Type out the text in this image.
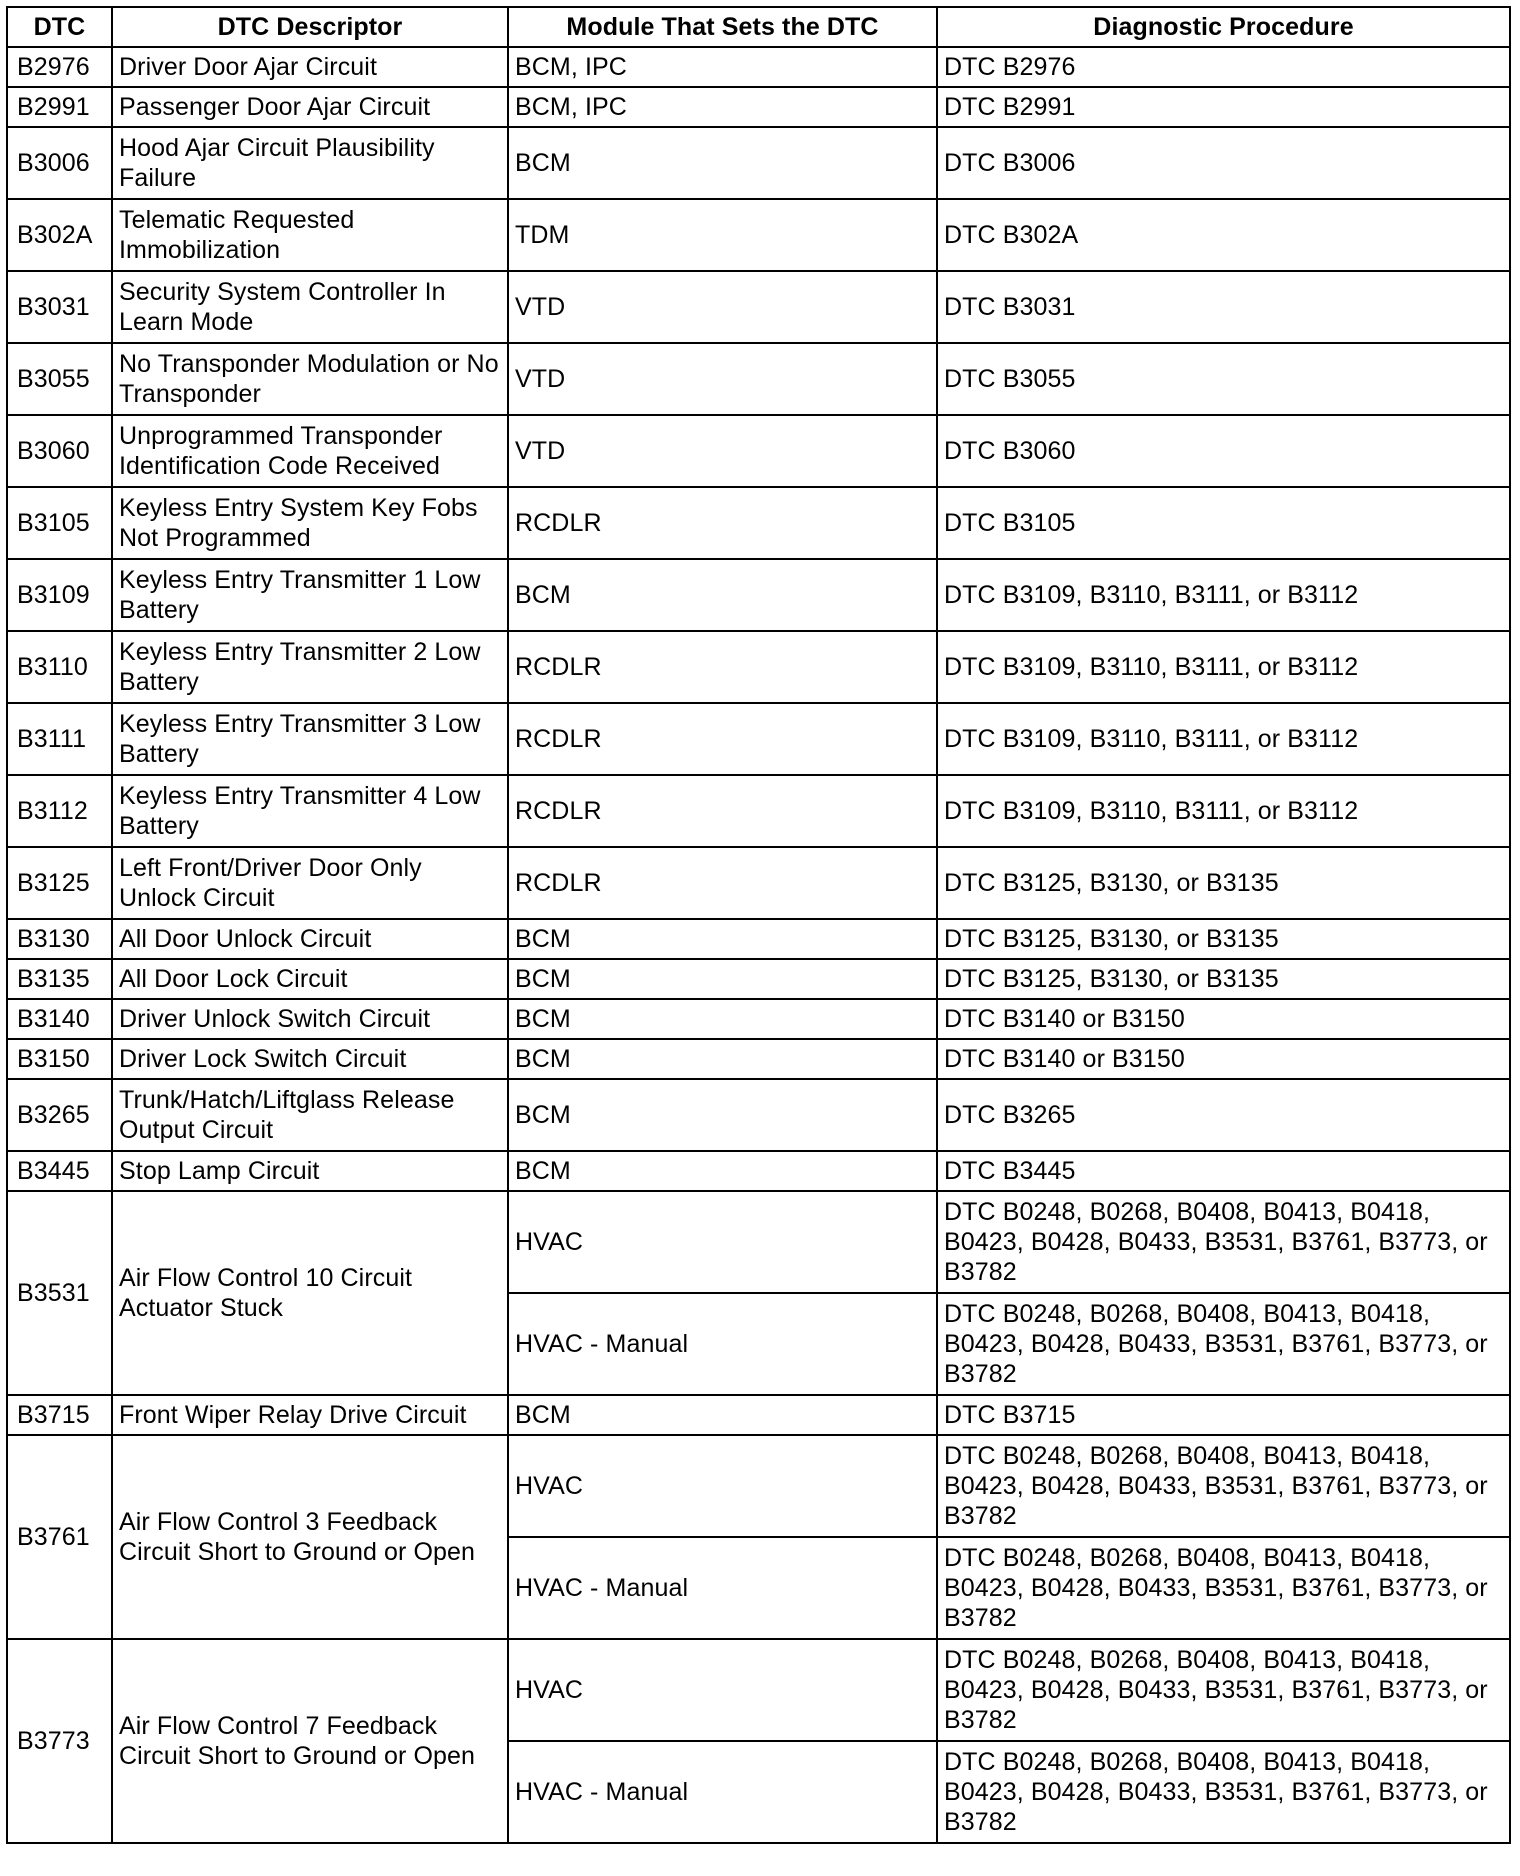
DTC	DTC Descriptor	Module That Sets the DTC	Diagnostic Procedure
B2976	Driver Door Ajar Circuit	BCM, IPC	DTC B2976
B2991	Passenger Door Ajar Circuit	BCM, IPC	DTC B2991
B3006	Hood Ajar Circuit Plausibility Failure	BCM	DTC B3006
B302A	Telematic Requested Immobilization	TDM	DTC B302A
B3031	Security System Controller In Learn Mode	VTD	DTC B3031
B3055	No Transponder Modulation or No Transponder	VTD	DTC B3055
B3060	Unprogrammed Transponder Identification Code Received	VTD	DTC B3060
B3105	Keyless Entry System Key Fobs Not Programmed	RCDLR	DTC B3105
B3109	Keyless Entry Transmitter 1 Low Battery	BCM	DTC B3109, B3110, B3111, or B3112
B3110	Keyless Entry Transmitter 2 Low Battery	RCDLR	DTC B3109, B3110, B3111, or B3112
B3111	Keyless Entry Transmitter 3 Low Battery	RCDLR	DTC B3109, B3110, B3111, or B3112
B3112	Keyless Entry Transmitter 4 Low Battery	RCDLR	DTC B3109, B3110, B3111, or B3112
B3125	Left Front/Driver Door Only Unlock Circuit	RCDLR	DTC B3125, B3130, or B3135
B3130	All Door Unlock Circuit	BCM	DTC B3125, B3130, or B3135
B3135	All Door Lock Circuit	BCM	DTC B3125, B3130, or B3135
B3140	Driver Unlock Switch Circuit	BCM	DTC B3140 or B3150
B3150	Driver Lock Switch Circuit	BCM	DTC B3140 or B3150
B3265	Trunk/Hatch/Liftglass Release Output Circuit	BCM	DTC B3265
B3445	Stop Lamp Circuit	BCM	DTC B3445
B3531	Air Flow Control 10 Circuit Actuator Stuck	HVAC	DTC B0248, B0268, B0408, B0413, B0418, B0423, B0428, B0433, B3531, B3761, B3773, or B3782
		HVAC - Manual	DTC B0248, B0268, B0408, B0413, B0418, B0423, B0428, B0433, B3531, B3761, B3773, or B3782
B3715	Front Wiper Relay Drive Circuit	BCM	DTC B3715
B3761	Air Flow Control 3 Feedback Circuit Short to Ground or Open	HVAC	DTC B0248, B0268, B0408, B0413, B0418, B0423, B0428, B0433, B3531, B3761, B3773, or B3782
		HVAC - Manual	DTC B0248, B0268, B0408, B0413, B0418, B0423, B0428, B0433, B3531, B3761, B3773, or B3782
B3773	Air Flow Control 7 Feedback Circuit Short to Ground or Open	HVAC	DTC B0248, B0268, B0408, B0413, B0418, B0423, B0428, B0433, B3531, B3761, B3773, or B3782
		HVAC - Manual	DTC B0248, B0268, B0408, B0413, B0418, B0423, B0428, B0433, B3531, B3761, B3773, or B3782
